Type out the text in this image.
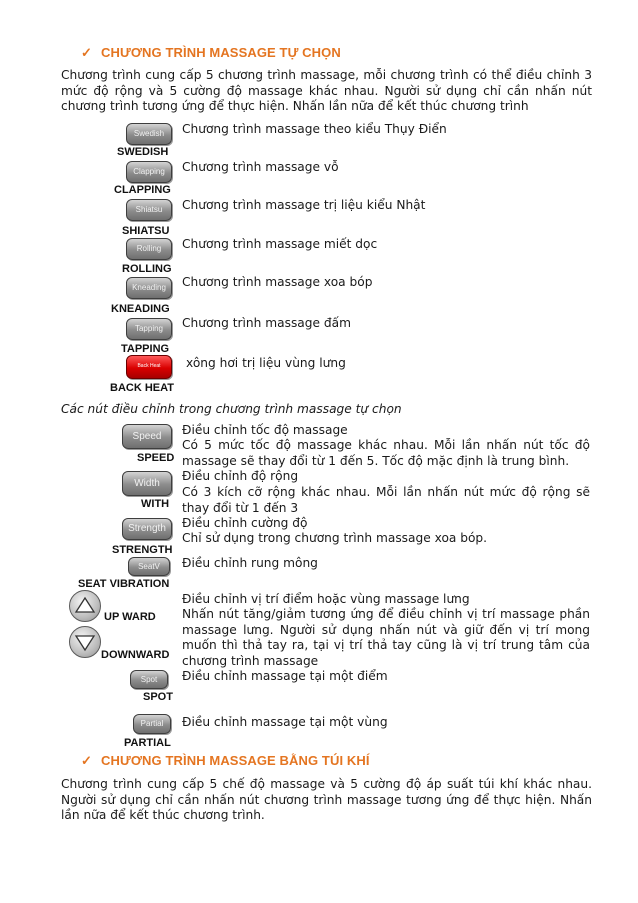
✓ CHƯƠNG TRÌNH MASSAGE TỰ CHỌN
Chương trình cung cấp 5 chương trình massage, mỗi chương trình có thể điều chỉnh 3 mức độ rộng và 5 cường độ massage khác nhau. Người sử dụng chỉ cần nhấn nút chương trình tương ứng để thực hiện. Nhấn lần nữa để kết thúc chương trình
Swedish
SWEDISH
Chương trình massage theo kiểu Thụy Điển
Clapping
CLAPPING
Chương trình massage vỗ
Shiatsu
SHIATSU
Chương trình massage trị liệu kiểu Nhật
Rolling
ROLLING
Chương trình massage miết dọc
Kneading
KNEADING
Chương trình massage xoa bóp
Tapping
TAPPING
Chương trình massage đấm
Back Heat
BACK HEAT
xông hơi trị liệu vùng lưng
Các nút điều chỉnh trong chương trình massage tự chọn
Speed
SPEED
Điều chỉnh tốc độ massage
Có 5 mức tốc độ massage khác nhau. Mỗi lần nhấn nút tốc độ massage sẽ thay đổi từ 1 đến 5. Tốc độ mặc định là trung bình.
Width
WITH
Điều chỉnh độ rộng
Có 3 kích cỡ rộng khác nhau. Mỗi lần nhấn nút mức độ rộng sẽ thay đổi từ 1 đến 3
Strength
STRENGTH
Điều chỉnh cường độ
Chỉ sử dụng trong chương trình massage xoa bóp.
SeatV
SEAT VIBRATION
Điều chỉnh rung mông
UP WARD
DOWNWARD
Điều chỉnh vị trí điểm hoặc vùng massage lưng
Nhấn nút tăng/giảm tương ứng để điều chỉnh vị trí massage phần massage lưng. Người sử dụng nhấn nút và giữ đến vị trí mong muốn thì thả tay ra, tại vị trí thả tay cũng là vị trí trung tâm của chương trình massage
Spot
SPOT
Điều chỉnh massage tại một điểm
Partial
PARTIAL
Điều chỉnh massage tại một vùng
✓ CHƯƠNG TRÌNH MASSAGE BẰNG TÚI KHÍ
Chương trình cung cấp 5 chế độ massage và 5 cường độ áp suất túi khí khác nhau. Người sử dụng chỉ cần nhấn nút chương trình massage tương ứng để thực hiện. Nhấn lần nữa để kết thúc chương trình.
